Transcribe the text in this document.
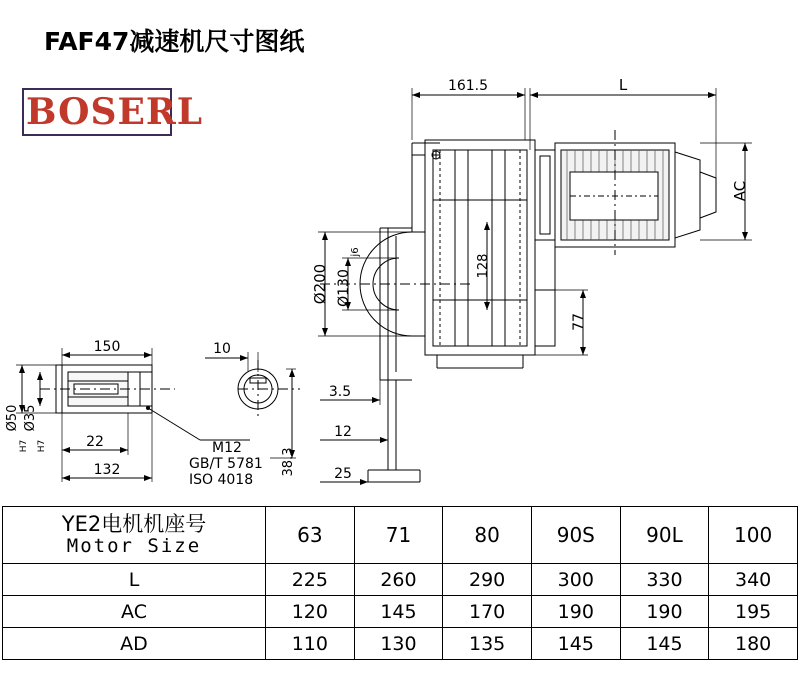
FAF47减速机尺寸图纸
BOSERL
161.5	L
AC
128
77
Ø200 Ø130
j6
3.5
12
25
150
132
22
10
38.3
Ø50
H7
Ø35
H7	M12
GB/T 5781
ISO 4018
YE2电机机座号
Motor Size	63	71	80	90S	90L	100
L	225	260	290	300	330	340
AC	120	145	170	190	190	195
AD	110	130	135	145	145	180
